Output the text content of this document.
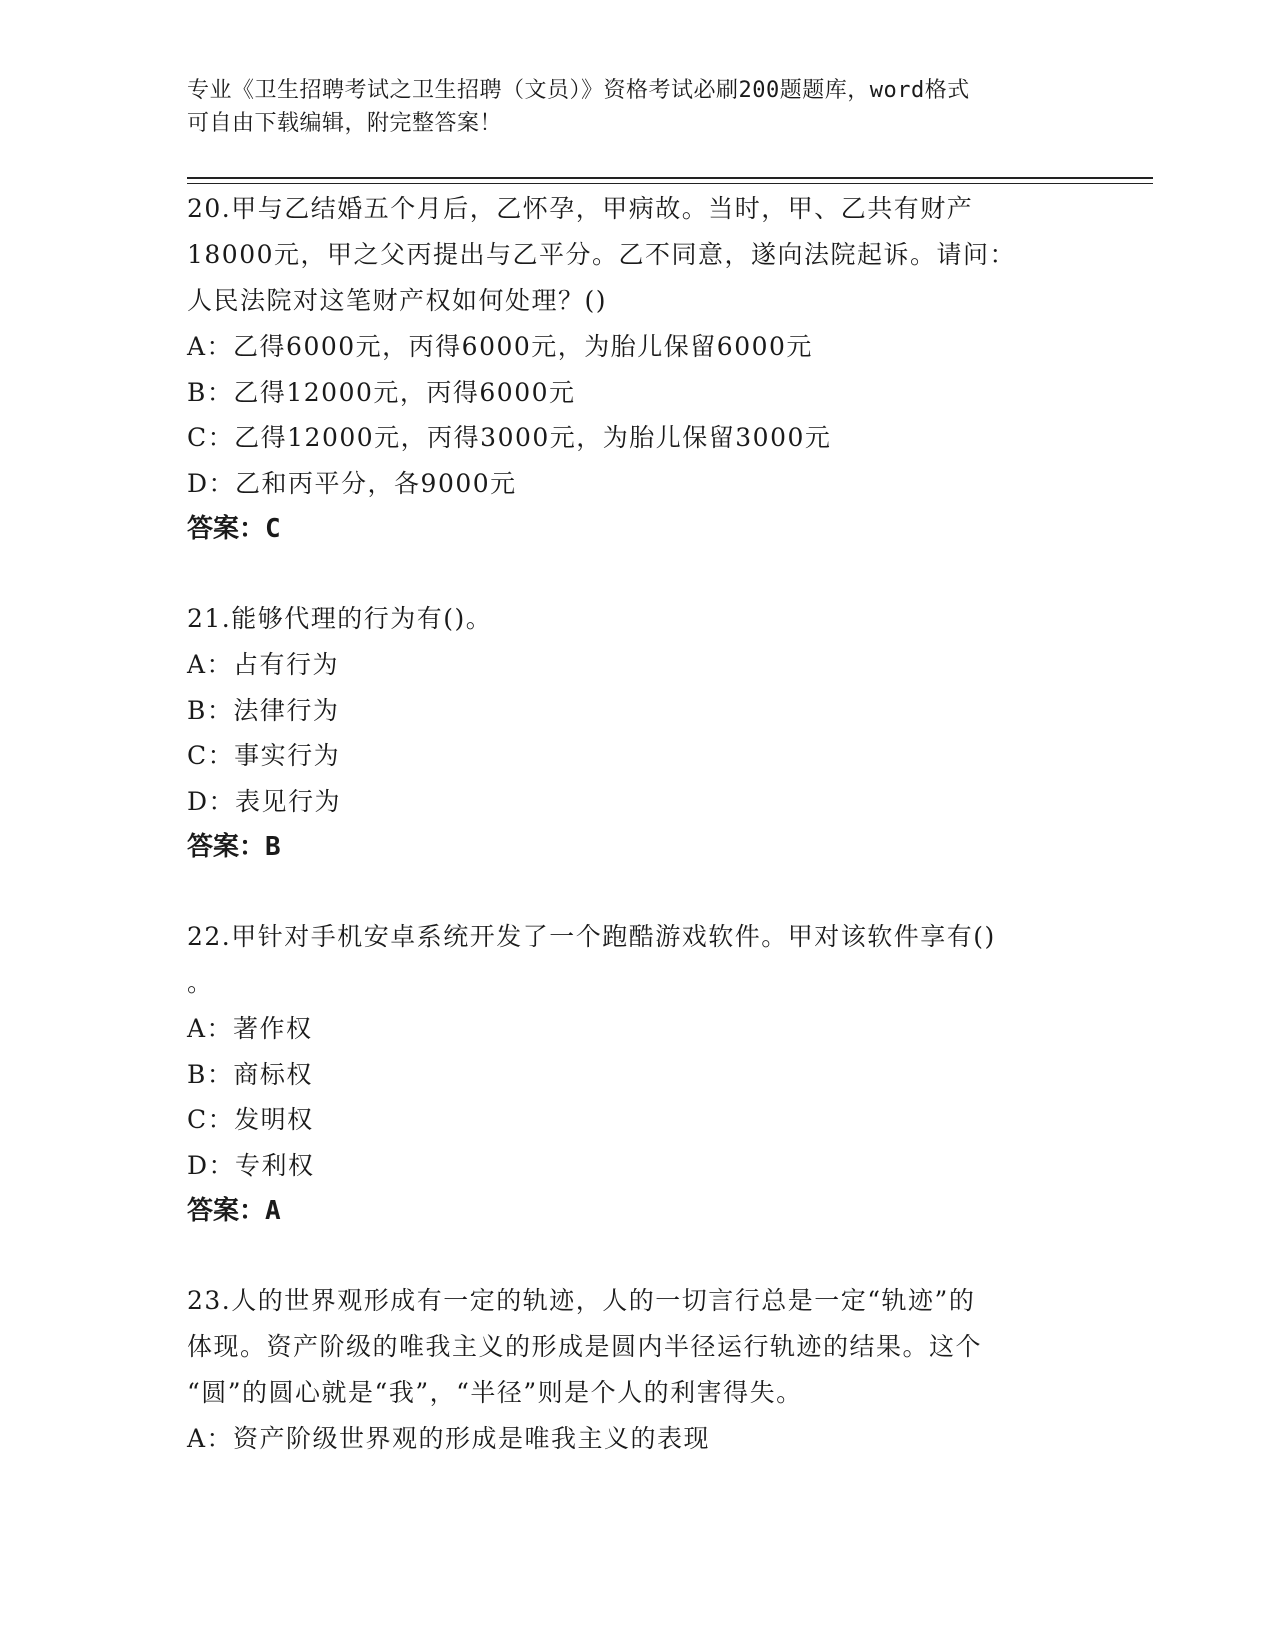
专业《卫生招聘考试之卫生招聘（文员）》资格考试必刷200题题库，word格式
可自由下载编辑，附完整答案！
20.甲与乙结婚五个月后，乙怀孕，甲病故。当时，甲、乙共有财产
18000元，甲之父丙提出与乙平分。乙不同意，遂向法院起诉。请问：
人民法院对这笔财产权如何处理？()
A：乙得6000元，丙得6000元，为胎儿保留6000元
B：乙得12000元，丙得6000元
C：乙得12000元，丙得3000元，为胎儿保留3000元
D：乙和丙平分，各9000元
答案：C
21.能够代理的行为有()。
A：占有行为
B：法律行为
C：事实行为
D：表见行为
答案：B
22.甲针对手机安卓系统开发了一个跑酷游戏软件。甲对该软件享有()
。
A：著作权
B：商标权
C：发明权
D：专利权
答案：A
23.人的世界观形成有一定的轨迹，人的一切言行总是一定“轨迹”的
体现。资产阶级的唯我主义的形成是圆内半径运行轨迹的结果。这个
“圆”的圆心就是“我”，“半径”则是个人的利害得失。
A：资产阶级世界观的形成是唯我主义的表现
